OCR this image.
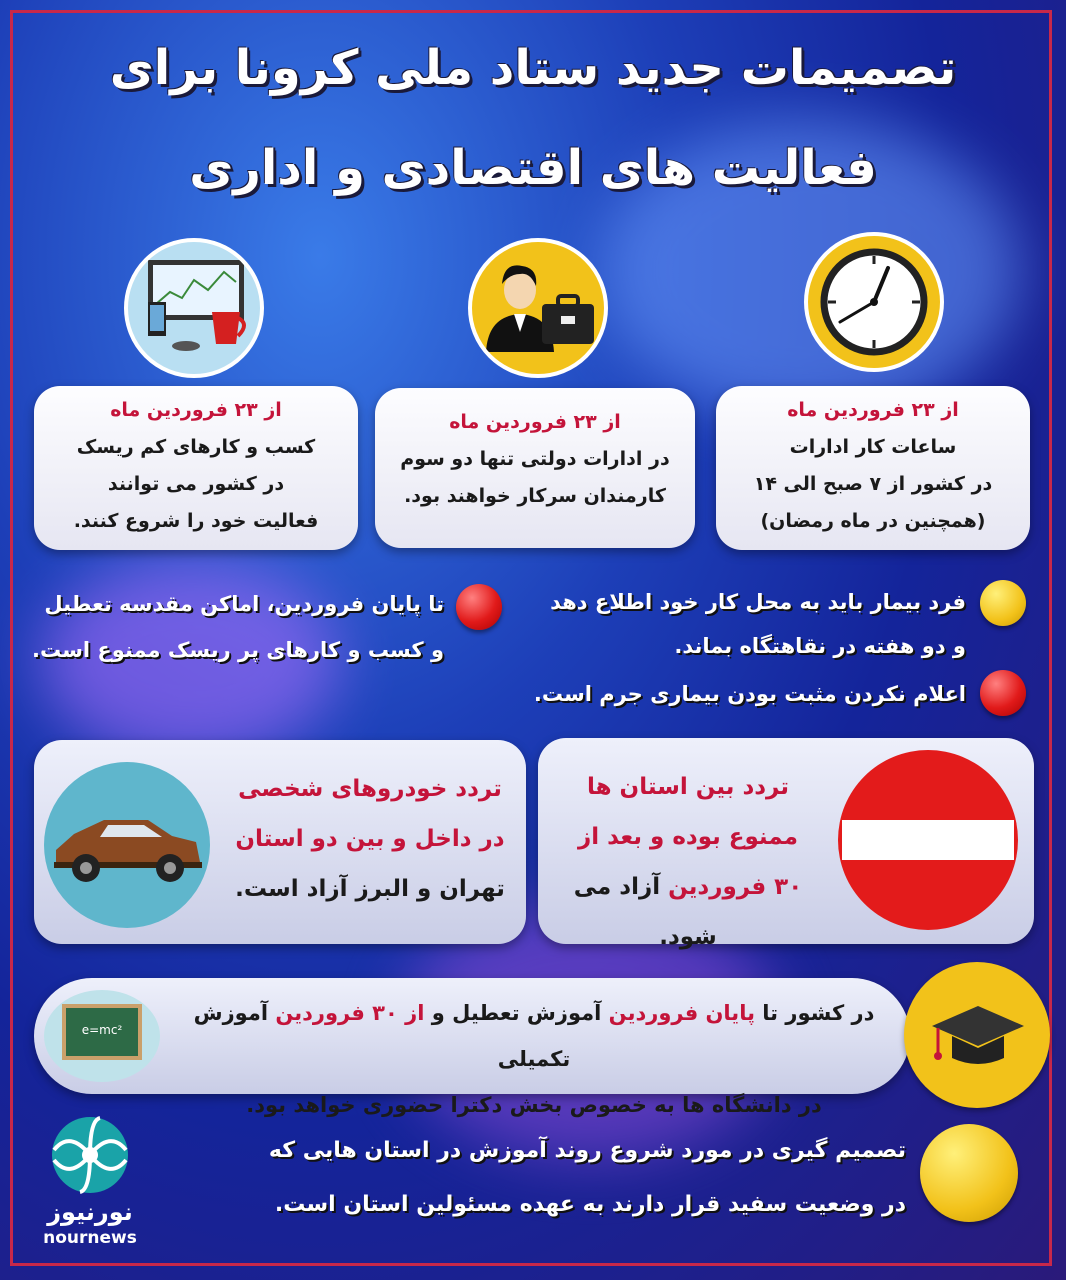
تصمیمات جدید ستاد ملی کرونا برای
فعالیت های اقتصادی و اداری

از ۲۳ فروردین ماه

ساعات کار ادارات

در کشور از ۷ صبح الی ۱۴

(همچنین در ماه رمضان)

از ۲۳ فروردین ماه

در ادارات دولتی تنها دو سوم

کارمندان سرکار خواهند بود.

از ۲۳ فروردین ماه

کسب و کارهای کم ریسک

در کشور می توانند

فعالیت خود را شروع کنند.

فرد بیمار باید به محل کار خود اطلاع دهد
و دو هفته در نقاهتگاه بماند.
اعلام نکردن مثبت بودن بیماری جرم است.
تا پایان فروردین، اماکن مقدسه تعطیل
و کسب و کارهای پر ریسک ممنوع است.
تردد بین استان ها
ممنوع بوده و بعد از
۳۰ فروردین آزاد می شود.
تردد خودروهای شخصی
در داخل و بین دو استان
تهران و البرز آزاد است.
e=mc²
در کشور تا پایان فروردین آموزش تعطیل و از ۳۰ فروردین آموزش تکمیلی
در دانشگاه ها به خصوص بخش دکترا حضوری خواهد بود.
تصمیم گیری در مورد شروع روند آموزش در استان هایی که
در وضعیت سفید قرار دارند به عهده مسئولین استان است.
نورنیوز
nournews
